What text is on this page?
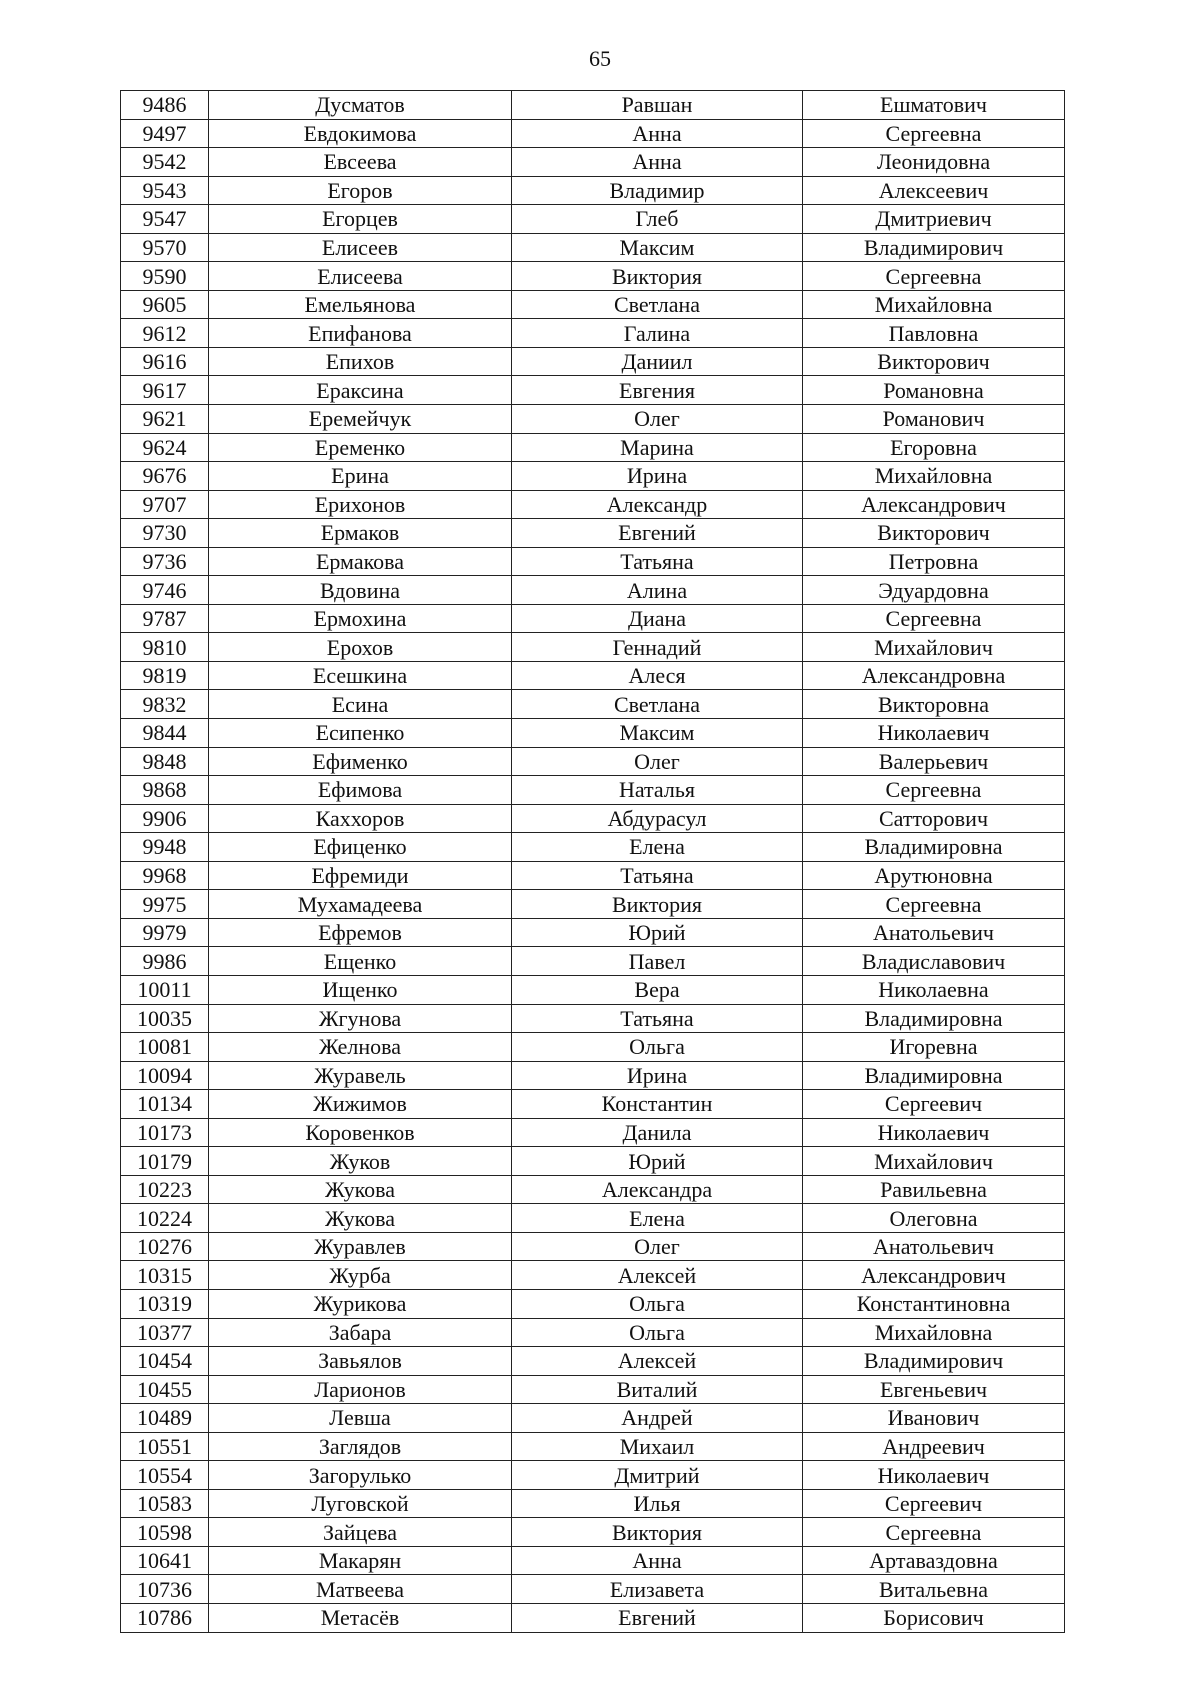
65
9486	Дусматов	Равшан	Ешматович
9497	Евдокимова	Анна	Сергеевна
9542	Евсеева	Анна	Леонидовна
9543	Егоров	Владимир	Алексеевич
9547	Егорцев	Глеб	Дмитриевич
9570	Елисеев	Максим	Владимирович
9590	Елисеева	Виктория	Сергеевна
9605	Емельянова	Светлана	Михайловна
9612	Епифанова	Галина	Павловна
9616	Епихов	Даниил	Викторович
9617	Ераксина	Евгения	Романовна
9621	Еремейчук	Олег	Романович
9624	Еременко	Марина	Егоровна
9676	Ерина	Ирина	Михайловна
9707	Ерихонов	Александр	Александрович
9730	Ермаков	Евгений	Викторович
9736	Ермакова	Татьяна	Петровна
9746	Вдовина	Алина	Эдуардовна
9787	Ермохина	Диана	Сергеевна
9810	Ерохов	Геннадий	Михайлович
9819	Есешкина	Алеся	Александровна
9832	Есина	Светлана	Викторовна
9844	Есипенко	Максим	Николаевич
9848	Ефименко	Олег	Валерьевич
9868	Ефимова	Наталья	Сергеевна
9906	Каххоров	Абдурасул	Сатторович
9948	Ефиценко	Елена	Владимировна
9968	Ефремиди	Татьяна	Арутюновна
9975	Мухамадеева	Виктория	Сергеевна
9979	Ефремов	Юрий	Анатольевич
9986	Ещенко	Павел	Владиславович
10011	Ищенко	Вера	Николаевна
10035	Жгунова	Татьяна	Владимировна
10081	Желнова	Ольга	Игоревна
10094	Журавель	Ирина	Владимировна
10134	Жижимов	Константин	Сергеевич
10173	Коровенков	Данила	Николаевич
10179	Жуков	Юрий	Михайлович
10223	Жукова	Александра	Равильевна
10224	Жукова	Елена	Олеговна
10276	Журавлев	Олег	Анатольевич
10315	Журба	Алексей	Александрович
10319	Журикова	Ольга	Константиновна
10377	Забара	Ольга	Михайловна
10454	Завьялов	Алексей	Владимирович
10455	Ларионов	Виталий	Евгеньевич
10489	Левша	Андрей	Иванович
10551	Заглядов	Михаил	Андреевич
10554	Загорулько	Дмитрий	Николаевич
10583	Луговской	Илья	Сергеевич
10598	Зайцева	Виктория	Сергеевна
10641	Макарян	Анна	Артаваздовна
10736	Матвеева	Елизавета	Витальевна
10786	Метасёв	Евгений	Борисович
